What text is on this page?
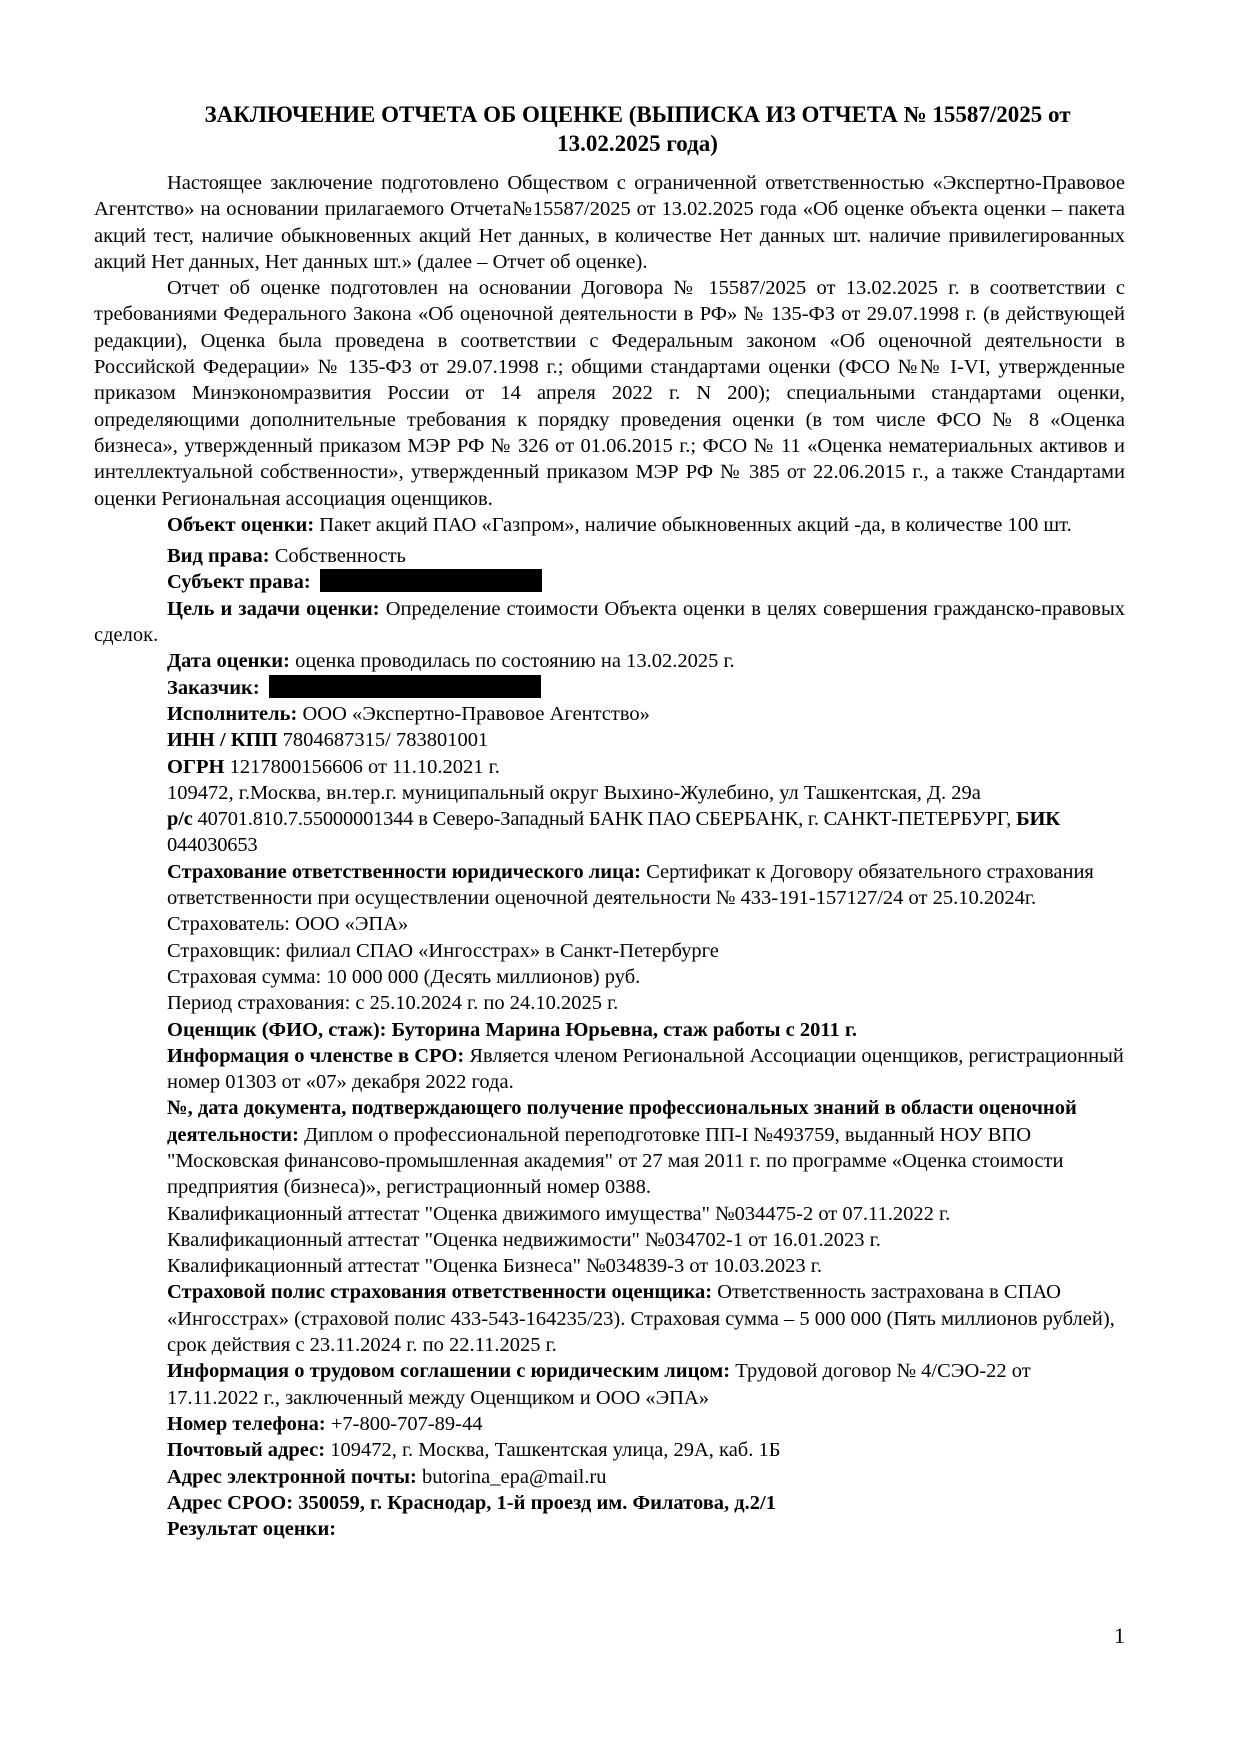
ЗАКЛЮЧЕНИЕ ОТЧЕТА ОБ ОЦЕНКЕ (ВЫПИСКА ИЗ ОТЧЕТА № 15587/2025 от
13.02.2025 года)

Настоящее заключение подготовлено Обществом с ограниченной ответственностью «Экспертно-Правовое Агентство» на основании прилагаемого Отчета№15587/2025 от 13.02.2025 года «Об оценке объекта оценки – пакета акций тест, наличие обыкновенных акций Нет данных, в количестве Нет данных шт. наличие привилегированных акций Нет данных, Нет данных шт.» (далее – Отчет об оценке).

Отчет об оценке подготовлен на основании Договора № 15587/2025 от 13.02.2025 г. в соответствии с требованиями Федерального Закона «Об оценочной деятельности в РФ» № 135-ФЗ от 29.07.1998 г. (в действующей редакции), Оценка была проведена в соответствии с Федеральным законом «Об оценочной деятельности в Российской Федерации» № 135-ФЗ от 29.07.1998 г.; общими стандартами оценки (ФСО №№ I-VI, утвержденные приказом Минэкономразвития России от 14 апреля 2022 г. N 200); специальными стандартами оценки, определяющими дополнительные требования к порядку проведения оценки (в том числе ФСО № 8 «Оценка бизнеса», утвержденный приказом МЭР РФ № 326 от 01.06.2015 г.; ФСО № 11 «Оценка нематериальных активов и интеллектуальной собственности», утвержденный приказом МЭР РФ № 385 от 22.06.2015 г., а также Стандартами оценки Региональная ассоциация оценщиков.

Объект оценки: Пакет акций ПАО «Газпром», наличие обыкновенных акций -да, в количестве 100 шт.

Вид права: Собственность

Субъект права:

Цель и задачи оценки: Определение стоимости Объекта оценки в целях совершения гражданско-правовых сделок.

Дата оценки: оценка проводилась по состоянию на 13.02.2025 г.

Заказчик:

Исполнитель: ООО «Экспертно-Правовое Агентство»

ИНН / КПП 7804687315/ 783801001

ОГРН 1217800156606 от 11.10.2021 г.

109472, г.Москва, вн.тер.г. муниципальный округ Выхино-Жулебино, ул Ташкентская, Д. 29а

р/с 40701.810.7.55000001344 в Северо-Западный БАНК ПАО СБЕРБАНК, г. САНКТ-ПЕТЕРБУРГ, БИК 044030653

Страхование ответственности юридического лица: Сертификат к Договору обязательного страхования ответственности при осуществлении оценочной деятельности № 433-191-157127/24 от 25.10.2024г.

Страхователь: ООО «ЭПА»

Страховщик: филиал СПАО «Ингосстрах» в Санкт-Петербурге

Страховая сумма: 10 000 000 (Десять миллионов) руб.

Период страхования: с 25.10.2024 г. по 24.10.2025 г.

Оценщик (ФИО, стаж): Буторина Марина Юрьевна, стаж работы с 2011 г.

Информация о членстве в СРО: Является членом Региональной Ассоциации оценщиков, регистрационный номер 01303 от «07» декабря 2022 года.

№, дата документа, подтверждающего получение профессиональных знаний в области оценочной деятельности: Диплом о профессиональной переподготовке ПП-I №493759, выданный НОУ ВПО "Московская финансово-промышленная академия" от 27 мая 2011 г. по программе «Оценка стоимости предприятия (бизнеса)», регистрационный номер 0388.

Квалификационный аттестат "Оценка движимого имущества" №034475-2 от 07.11.2022 г.

Квалификационный аттестат "Оценка недвижимости" №034702-1 от 16.01.2023 г.

Квалификационный аттестат "Оценка Бизнеса" №034839-3 от 10.03.2023 г.

Страховой полис страхования ответственности оценщика: Ответственность застрахована в СПАО «Ингосстрах» (страховой полис 433-543-164235/23). Страховая сумма – 5 000 000 (Пять миллионов рублей), срок действия с 23.11.2024 г. по 22.11.2025 г.

Информация о трудовом соглашении с юридическим лицом: Трудовой договор № 4/СЭО-22 от 17.11.2022 г., заключенный между Оценщиком и ООО «ЭПА»

Номер телефона: +7-800-707-89-44

Почтовый адрес: 109472, г. Москва, Ташкентская улица, 29А, каб. 1Б

Адрес электронной почты: butorina_epa@mail.ru

Адрес СРОО: 350059, г. Краснодар, 1-й проезд им. Филатова, д.2/1

Результат оценки:

1
